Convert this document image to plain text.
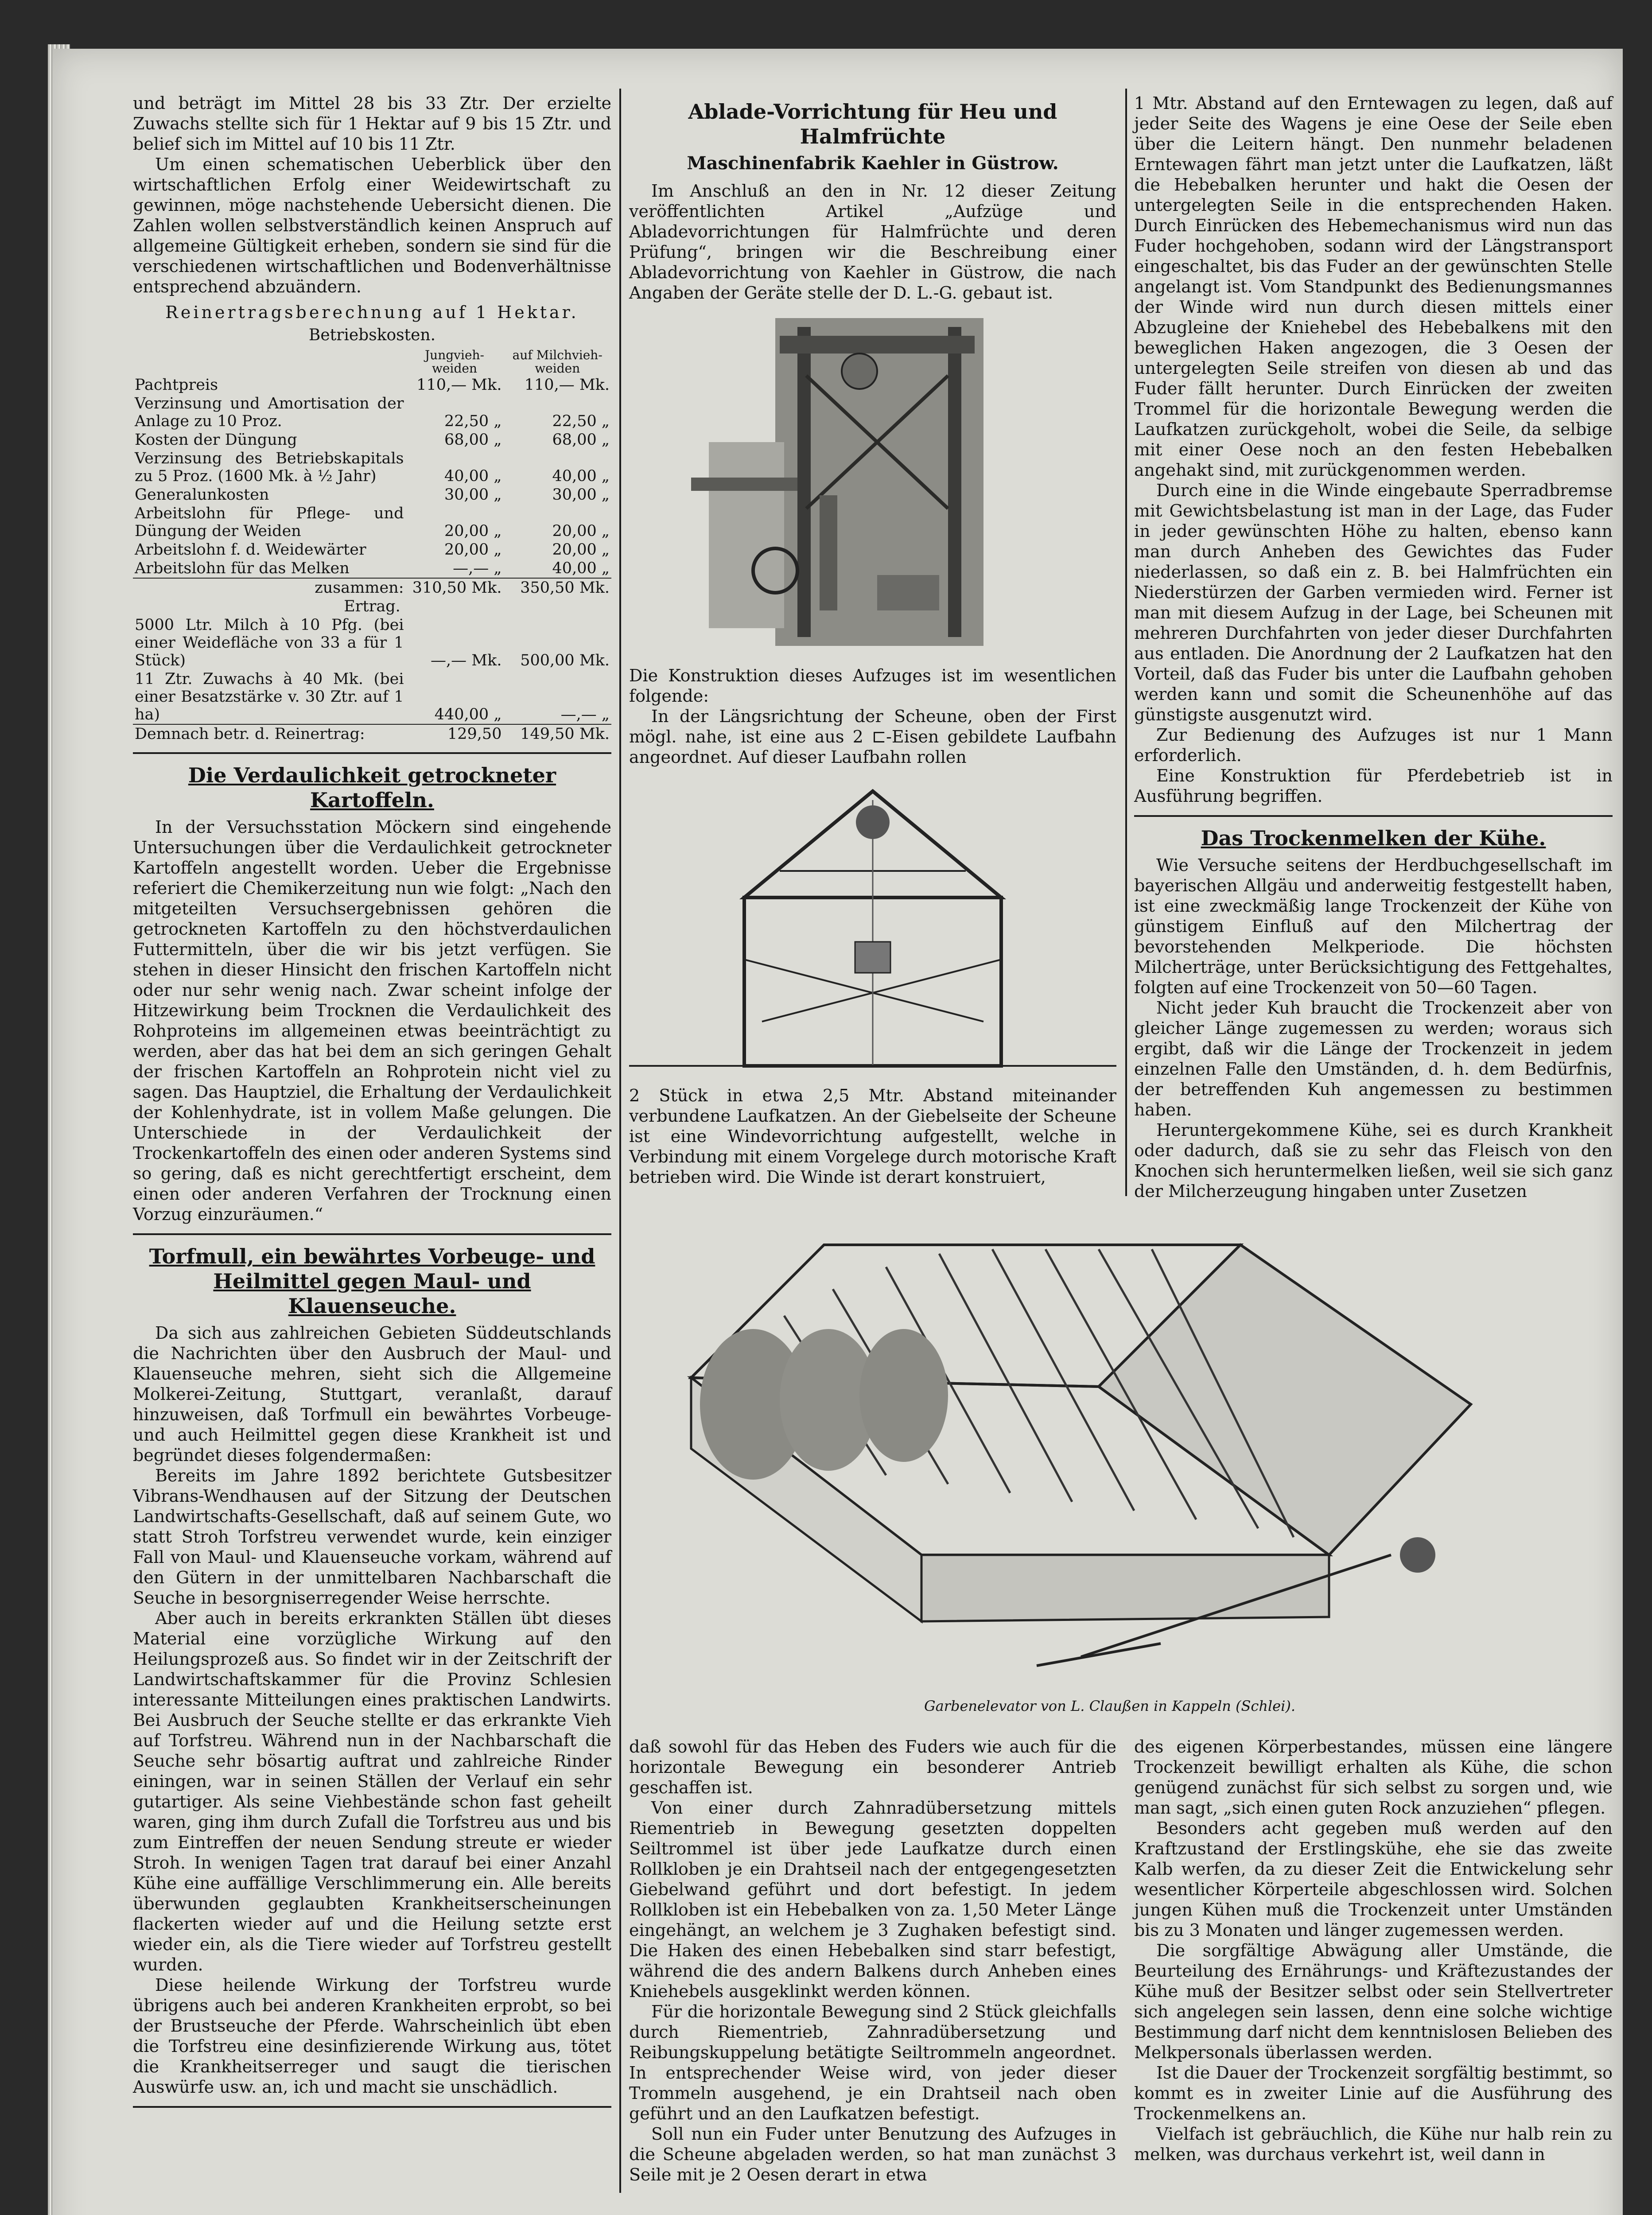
und beträgt im Mittel 28 bis 33 Ztr. Der erzielte Zuwachs stellte sich für 1 Hektar auf 9 bis 15 Ztr. und belief sich im Mittel auf 10 bis 11 Ztr.

Um einen schematischen Ueberblick über den wirtschaftlichen Erfolg einer Weidewirtschaft zu gewinnen, möge nachstehende Uebersicht dienen. Die Zahlen wollen selbstverständlich keinen Anspruch auf allgemeine Gültigkeit erheben, sondern sie sind für die verschiedenen wirtschaftlichen und Bodenverhältnisse entsprechend abzuändern.

Reinertragsberechnung auf 1 Hektar.
Betriebskosten.
	Jungvieh-weiden	auf Milchvieh-weiden
Pachtpreis	110,— Mk.	110,— Mk.
Verzinsung und Amortisation der Anlage zu 10 Proz.	22,50 „	22,50 „
Kosten der Düngung	68,00 „	68,00 „
Verzinsung des Betriebskapitals zu 5 Proz. (1600 Mk. à ½ Jahr)	40,00 „	40,00 „
Generalunkosten	30,00 „	30,00 „
Arbeitslohn für Pflege- und Düngung der Weiden	20,00 „	20,00 „
Arbeitslohn f. d. Weidewärter	20,00 „	20,00 „
Arbeitslohn für das Melken	—,— „	40,00 „
zusammen:	310,50 Mk.	350,50 Mk.
Ertrag.		
5000 Ltr. Milch à 10 Pfg. (bei einer Weidefläche von 33 a für 1 Stück)	—,— Mk.	500,00 Mk.
11 Ztr. Zuwachs à 40 Mk. (bei einer Besatzstärke v. 30 Ztr. auf 1 ha)	440,00 „	—,— „
Demnach betr. d. Reinertrag:	129,50	149,50 Mk.
Die Verdaulichkeit getrockneter Kartoffeln.

In der Versuchsstation Möckern sind eingehende Untersuchungen über die Verdaulichkeit getrockneter Kartoffeln angestellt worden. Ueber die Ergebnisse referiert die Chemikerzeitung nun wie folgt: „Nach den mitgeteilten Versuchsergebnissen gehören die getrockneten Kartoffeln zu den höchstverdaulichen Futtermitteln, über die wir bis jetzt verfügen. Sie stehen in dieser Hinsicht den frischen Kartoffeln nicht oder nur sehr wenig nach. Zwar scheint infolge der Hitzewirkung beim Trocknen die Verdaulichkeit des Rohproteins im allgemeinen etwas beeinträchtigt zu werden, aber das hat bei dem an sich geringen Gehalt der frischen Kartoffeln an Rohprotein nicht viel zu sagen. Das Hauptziel, die Erhaltung der Verdaulichkeit der Kohlenhydrate, ist in vollem Maße gelungen. Die Unterschiede in der Verdaulichkeit der Trockenkartoffeln des einen oder anderen Systems sind so gering, daß es nicht gerechtfertigt erscheint, dem einen oder anderen Verfahren der Trocknung einen Vorzug einzuräumen.“

Torfmull, ein bewährtes Vorbeuge- und Heilmittel gegen Maul- und Klauenseuche.

Da sich aus zahlreichen Gebieten Süddeutschlands die Nachrichten über den Ausbruch der Maul- und Klauenseuche mehren, sieht sich die Allgemeine Molkerei-Zeitung, Stuttgart, veranlaßt, darauf hinzuweisen, daß Torfmull ein bewährtes Vorbeuge- und auch Heilmittel gegen diese Krankheit ist und begründet dieses folgendermaßen:

Bereits im Jahre 1892 berichtete Gutsbesitzer Vibrans-Wendhausen auf der Sitzung der Deutschen Landwirtschafts-Gesellschaft, daß auf seinem Gute, wo statt Stroh Torfstreu verwendet wurde, kein einziger Fall von Maul- und Klauenseuche vorkam, während auf den Gütern in der unmittelbaren Nachbarschaft die Seuche in besorgniserregender Weise herrschte.

Aber auch in bereits erkrankten Ställen übt dieses Material eine vorzügliche Wirkung auf den Heilungsprozeß aus. So findet wir in der Zeitschrift der Landwirtschaftskammer für die Provinz Schlesien interessante Mitteilungen eines praktischen Landwirts. Bei Ausbruch der Seuche stellte er das erkrankte Vieh auf Torfstreu. Während nun in der Nachbarschaft die Seuche sehr bösartig auftrat und zahlreiche Rinder einingen, war in seinen Ställen der Verlauf ein sehr gutartiger. Als seine Viehbestände schon fast geheilt waren, ging ihm durch Zufall die Torfstreu aus und bis zum Eintreffen der neuen Sendung streute er wieder Stroh. In wenigen Tagen trat darauf bei einer Anzahl Kühe eine auffällige Verschlimmerung ein. Alle bereits überwunden geglaubten Krankheitserscheinungen flackerten wieder auf und die Heilung setzte erst wieder ein, als die Tiere wieder auf Torfstreu gestellt wurden.

Diese heilende Wirkung der Torfstreu wurde übrigens auch bei anderen Krankheiten erprobt, so bei der Brustseuche der Pferde. Wahrscheinlich übt eben die Torfstreu eine desinfizierende Wirkung aus, tötet die Krankheitserreger und saugt die tierischen Auswürfe usw. an, ich und macht sie unschädlich.

Ablade-Vorrichtung für Heu und Halmfrüchte
Maschinenfabrik Kaehler in Güstrow.

Im Anschluß an den in Nr. 12 dieser Zeitung veröffentlichten Artikel „Aufzüge und Abladevorrichtungen für Halmfrüchte und deren Prüfung“, bringen wir die Beschreibung einer Abladevorrichtung von Kaehler in Güstrow, die nach Angaben der Geräte stelle der D. L.-G. gebaut ist.

Die Konstruktion dieses Aufzuges ist im wesentlichen folgende:

In der Längsrichtung der Scheune, oben der First mögl. nahe, ist eine aus 2 ⊏-Eisen gebildete Laufbahn angeordnet. Auf dieser Laufbahn rollen

2 Stück in etwa 2,5 Mtr. Abstand miteinander verbundene Laufkatzen. An der Giebelseite der Scheune ist eine Windevorrichtung aufgestellt, welche in Verbindung mit einem Vorgelege durch motorische Kraft betrieben wird. Die Winde ist derart konstruiert,

1 Mtr. Abstand auf den Erntewagen zu legen, daß auf jeder Seite des Wagens je eine Oese der Seile eben über die Leitern hängt. Den nunmehr beladenen Erntewagen fährt man jetzt unter die Laufkatzen, läßt die Hebebalken herunter und hakt die Oesen der untergelegten Seile in die entsprechenden Haken. Durch Einrücken des Hebemechanismus wird nun das Fuder hochgehoben, sodann wird der Längstransport eingeschaltet, bis das Fuder an der gewünschten Stelle angelangt ist. Vom Standpunkt des Bedienungsmannes der Winde wird nun durch diesen mittels einer Abzugleine der Kniehebel des Hebebalkens mit den beweglichen Haken angezogen, die 3 Oesen der untergelegten Seile streifen von diesen ab und das Fuder fällt herunter. Durch Einrücken der zweiten Trommel für die horizontale Bewegung werden die Laufkatzen zurückgeholt, wobei die Seile, da selbige mit einer Oese noch an den festen Hebebalken angehakt sind, mit zurückgenommen werden.

Durch eine in die Winde eingebaute Sperradbremse mit Gewichtsbelastung ist man in der Lage, das Fuder in jeder gewünschten Höhe zu halten, ebenso kann man durch Anheben des Gewichtes das Fuder niederlassen, so daß ein z. B. bei Halmfrüchten ein Niederstürzen der Garben vermieden wird. Ferner ist man mit diesem Aufzug in der Lage, bei Scheunen mit mehreren Durchfahrten von jeder dieser Durchfahrten aus entladen. Die Anordnung der 2 Laufkatzen hat den Vorteil, daß das Fuder bis unter die Laufbahn gehoben werden kann und somit die Scheunenhöhe auf das günstigste ausgenutzt wird.

Zur Bedienung des Aufzuges ist nur 1 Mann erforderlich.

Eine Konstruktion für Pferdebetrieb ist in Ausführung begriffen.

Das Trockenmelken der Kühe.

Wie Versuche seitens der Herdbuchgesellschaft im bayerischen Allgäu und anderweitig festgestellt haben, ist eine zweckmäßig lange Trockenzeit der Kühe von günstigem Einfluß auf den Milchertrag der bevorstehenden Melkperiode. Die höchsten Milcherträge, unter Berücksichtigung des Fettgehaltes, folgten auf eine Trockenzeit von 50—60 Tagen.

Nicht jeder Kuh braucht die Trockenzeit aber von gleicher Länge zugemessen zu werden; woraus sich ergibt, daß wir die Länge der Trockenzeit in jedem einzelnen Falle den Umständen, d. h. dem Bedürfnis, der betreffenden Kuh angemessen zu bestimmen haben.

Heruntergekommene Kühe, sei es durch Krankheit oder dadurch, daß sie zu sehr das Fleisch von den Knochen sich heruntermelken ließen, weil sie sich ganz der Milcherzeugung hingaben unter Zusetzen

Garbenelevator von L. Claußen in Kappeln (Schlei).

daß sowohl für das Heben des Fuders wie auch für die horizontale Bewegung ein besonderer Antrieb geschaffen ist.

Von einer durch Zahnradübersetzung mittels Riementrieb in Bewegung gesetzten doppelten Seiltrommel ist über jede Laufkatze durch einen Rollkloben je ein Drahtseil nach der entgegengesetzten Giebelwand geführt und dort befestigt. In jedem Rollkloben ist ein Hebebalken von za. 1,50 Meter Länge eingehängt, an welchem je 3 Zughaken befestigt sind. Die Haken des einen Hebebalken sind starr befestigt, während die des andern Balkens durch Anheben eines Kniehebels ausgeklinkt werden können.

Für die horizontale Bewegung sind 2 Stück gleichfalls durch Riementrieb, Zahnradübersetzung und Reibungskuppelung betätigte Seiltrommeln angeordnet. In entsprechender Weise wird, von jeder dieser Trommeln ausgehend, je ein Drahtseil nach oben geführt und an den Laufkatzen befestigt.

Soll nun ein Fuder unter Benutzung des Aufzuges in die Scheune abgeladen werden, so hat man zunächst 3 Seile mit je 2 Oesen derart in etwa

des eigenen Körperbestandes, müssen eine längere Trockenzeit bewilligt erhalten als Kühe, die schon genügend zunächst für sich selbst zu sorgen und, wie man sagt, „sich einen guten Rock anzuziehen“ pflegen.

Besonders acht gegeben muß werden auf den Kraftzustand der Erstlingskühe, ehe sie das zweite Kalb werfen, da zu dieser Zeit die Entwickelung sehr wesentlicher Körperteile abgeschlossen wird. Solchen jungen Kühen muß die Trockenzeit unter Umständen bis zu 3 Monaten und länger zugemessen werden.

Die sorgfältige Abwägung aller Umstände, die Beurteilung des Ernährungs- und Kräftezustandes der Kühe muß der Besitzer selbst oder sein Stellvertreter sich angelegen sein lassen, denn eine solche wichtige Bestimmung darf nicht dem kenntnislosen Belieben des Melkpersonals überlassen werden.

Ist die Dauer der Trockenzeit sorgfältig bestimmt, so kommt es in zweiter Linie auf die Ausführung des Trockenmelkens an.

Vielfach ist gebräuchlich, die Kühe nur halb rein zu melken, was durchaus verkehrt ist, weil dann in
